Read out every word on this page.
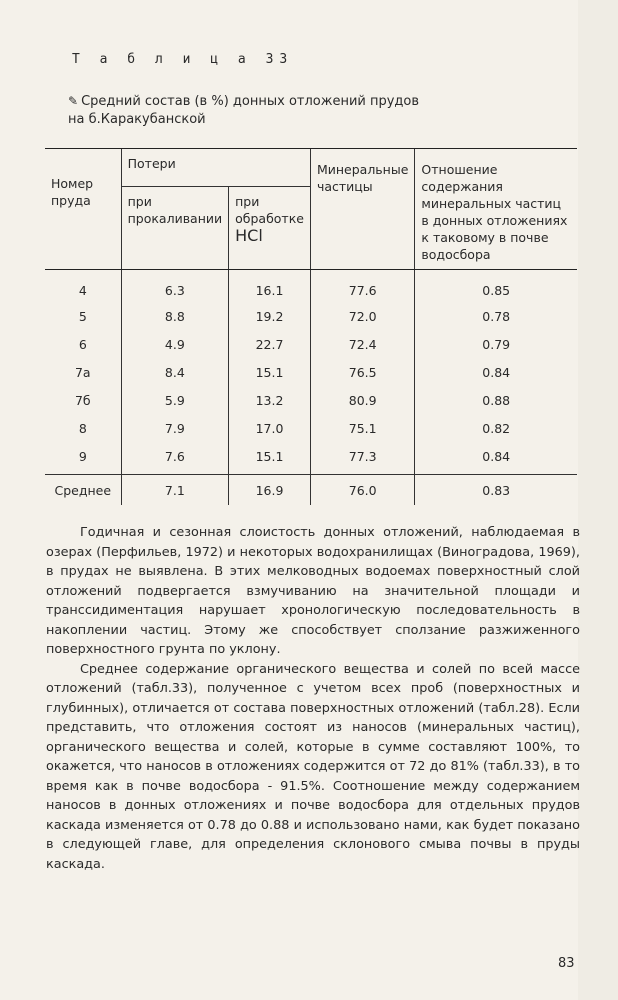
Т а б л и ц а 33
✎ Средний состав (в %) донных отложений прудов
на б.Каракубанской
Номер пруда	Потери		Минеральные частицы	Отношение содержания минеральных частиц в донных отложениях к таковому в почве водосбора
	при прокаливании	при обработке
HCl		
4	6.3	16.1	77.6	0.85
5	8.8	19.2	72.0	0.78
6	4.9	22.7	72.4	0.79
7а	8.4	15.1	76.5	0.84
7б	5.9	13.2	80.9	0.88
8	7.9	17.0	75.1	0.82
9	7.6	15.1	77.3	0.84
Среднее	7.1	16.9	76.0	0.83

Годичная и сезонная слоистость донных отложений, наблюдаемая в озерах (Перфильев, 1972) и некоторых водохранилищах (Виноградова, 1969), в прудах не выявлена. В этих мелководных водоемах поверхностный слой отложений подвергается взмучиванию на значительной площади и транссидиментация нарушает хронологическую последовательность в накоплении частиц. Этому же способствует сползание разжиженного поверхностного грунта по уклону.

Среднее содержание органического вещества и солей по всей массе отложений (табл.33), полученное с учетом всех проб (поверхностных и глубинных), отличается от состава поверхностных отложений (табл.28). Если представить, что отложения состоят из наносов (минеральных частиц), органического вещества и солей, которые в сумме составляют 100%, то окажется, что наносов в отложениях содержится от 72 до 81% (табл.33), в то время как в почве водосбора - 91.5%. Соотношение между содержанием наносов в донных отложениях и почве водосбора для отдельных прудов каскада изменяется от 0.78 до 0.88 и использовано нами, как будет показано в следующей главе, для определения склонового смыва почвы в пруды каскада.

83
